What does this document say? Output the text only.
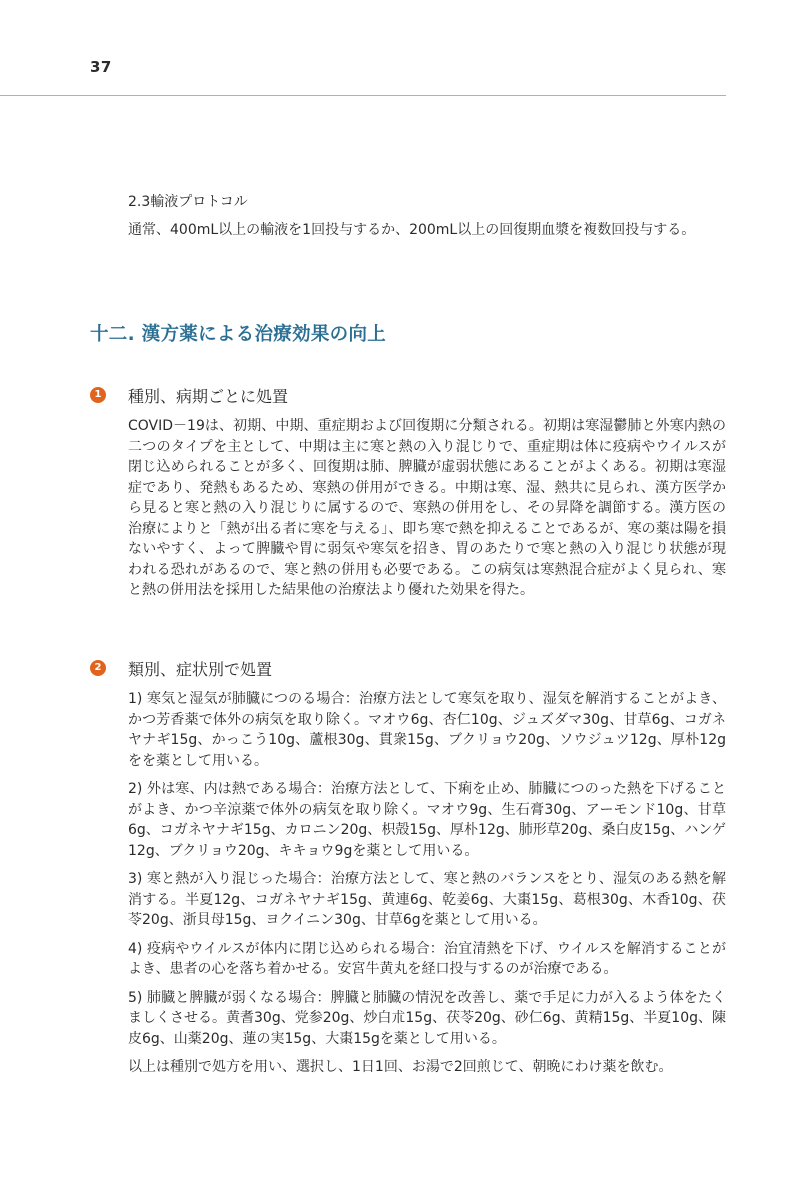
37
2.3輸液プロトコル

通常、400mL以上の輸液を1回投与するか、200mL以上の回復期血漿を複数回投与する。

十二. 漢方薬による治療効果の向上
1 種別、病期ごとに処置

COVID－19は、初期、中期、重症期および回復期に分類される。初期は寒湿鬱肺と外寒内熱の二つのタイプを主として、中期は主に寒と熱の入り混じりで、重症期は体に疫病やウイルスが閉じ込められることが多く、回復期は肺、脾臓が虚弱状態にあることがよくある。初期は寒湿症であり、発熱もあるため、寒熱の併用ができる。中期は寒、湿、熱共に見られ、漢方医学から見ると寒と熱の入り混じりに属するので、寒熱の併用をし、その昇降を調節する。漢方医の治療によりと「熱が出る者に寒を与える」、即ち寒で熱を抑えることであるが、寒の薬は陽を損ないやすく、よって脾臓や胃に弱気や寒気を招き、胃のあたりで寒と熱の入り混じり状態が現われる恐れがあるので、寒と熱の併用も必要である。この病気は寒熱混合症がよく見られ、寒と熱の併用法を採用した結果他の治療法より優れた効果を得た。

2 類別、症状別で処置

1) 寒気と湿気が肺臓につのる場合：治療方法として寒気を取り、湿気を解消することがよき、かつ芳香薬で体外の病気を取り除く。マオウ6g、杏仁10g、ジュズダマ30g、甘草6g、コガネヤナギ15g、かっこう10g、蘆根30g、貫衆15g、ブクリョウ20g、ソウジュツ12g、厚朴12gをを薬として用いる。

2) 外は寒、内は熱である場合：治療方法として、下痢を止め、肺臓につのった熱を下げることがよき、かつ辛涼薬で体外の病気を取り除く。マオウ9g、生石膏30g、アーモンド10g、甘草6g、コガネヤナギ15g、カロニン20g、枳殻15g、厚朴12g、肺形草20g、桑白皮15g、ハンゲ12g、ブクリョウ20g、キキョウ9gを薬として用いる。

3) 寒と熱が入り混じった場合：治療方法として、寒と熱のバランスをとり、湿気のある熱を解消する。半夏12g、コガネヤナギ15g、黄連6g、乾姜6g、大棗15g、葛根30g、木香10g、茯苓20g、浙貝母15g、ヨクイニン30g、甘草6gを薬として用いる。

4) 疫病やウイルスが体内に閉じ込められる場合：治宜清熱を下げ、ウイルスを解消することがよき、患者の心を落ち着かせる。安宮牛黄丸を経口投与するのが治療である。

5) 肺臓と脾臓が弱くなる場合：脾臓と肺臓の情況を改善し、薬で手足に力が入るよう体をたくましくさせる。黄耆30g、党参20g、炒白朮15g、茯苓20g、砂仁6g、黄精15g、半夏10g、陳皮6g、山薬20g、蓮の実15g、大棗15gを薬として用いる。

以上は種別で処方を用い、選択し、1日1回、お湯で2回煎じて、朝晩にわけ薬を飲む。
